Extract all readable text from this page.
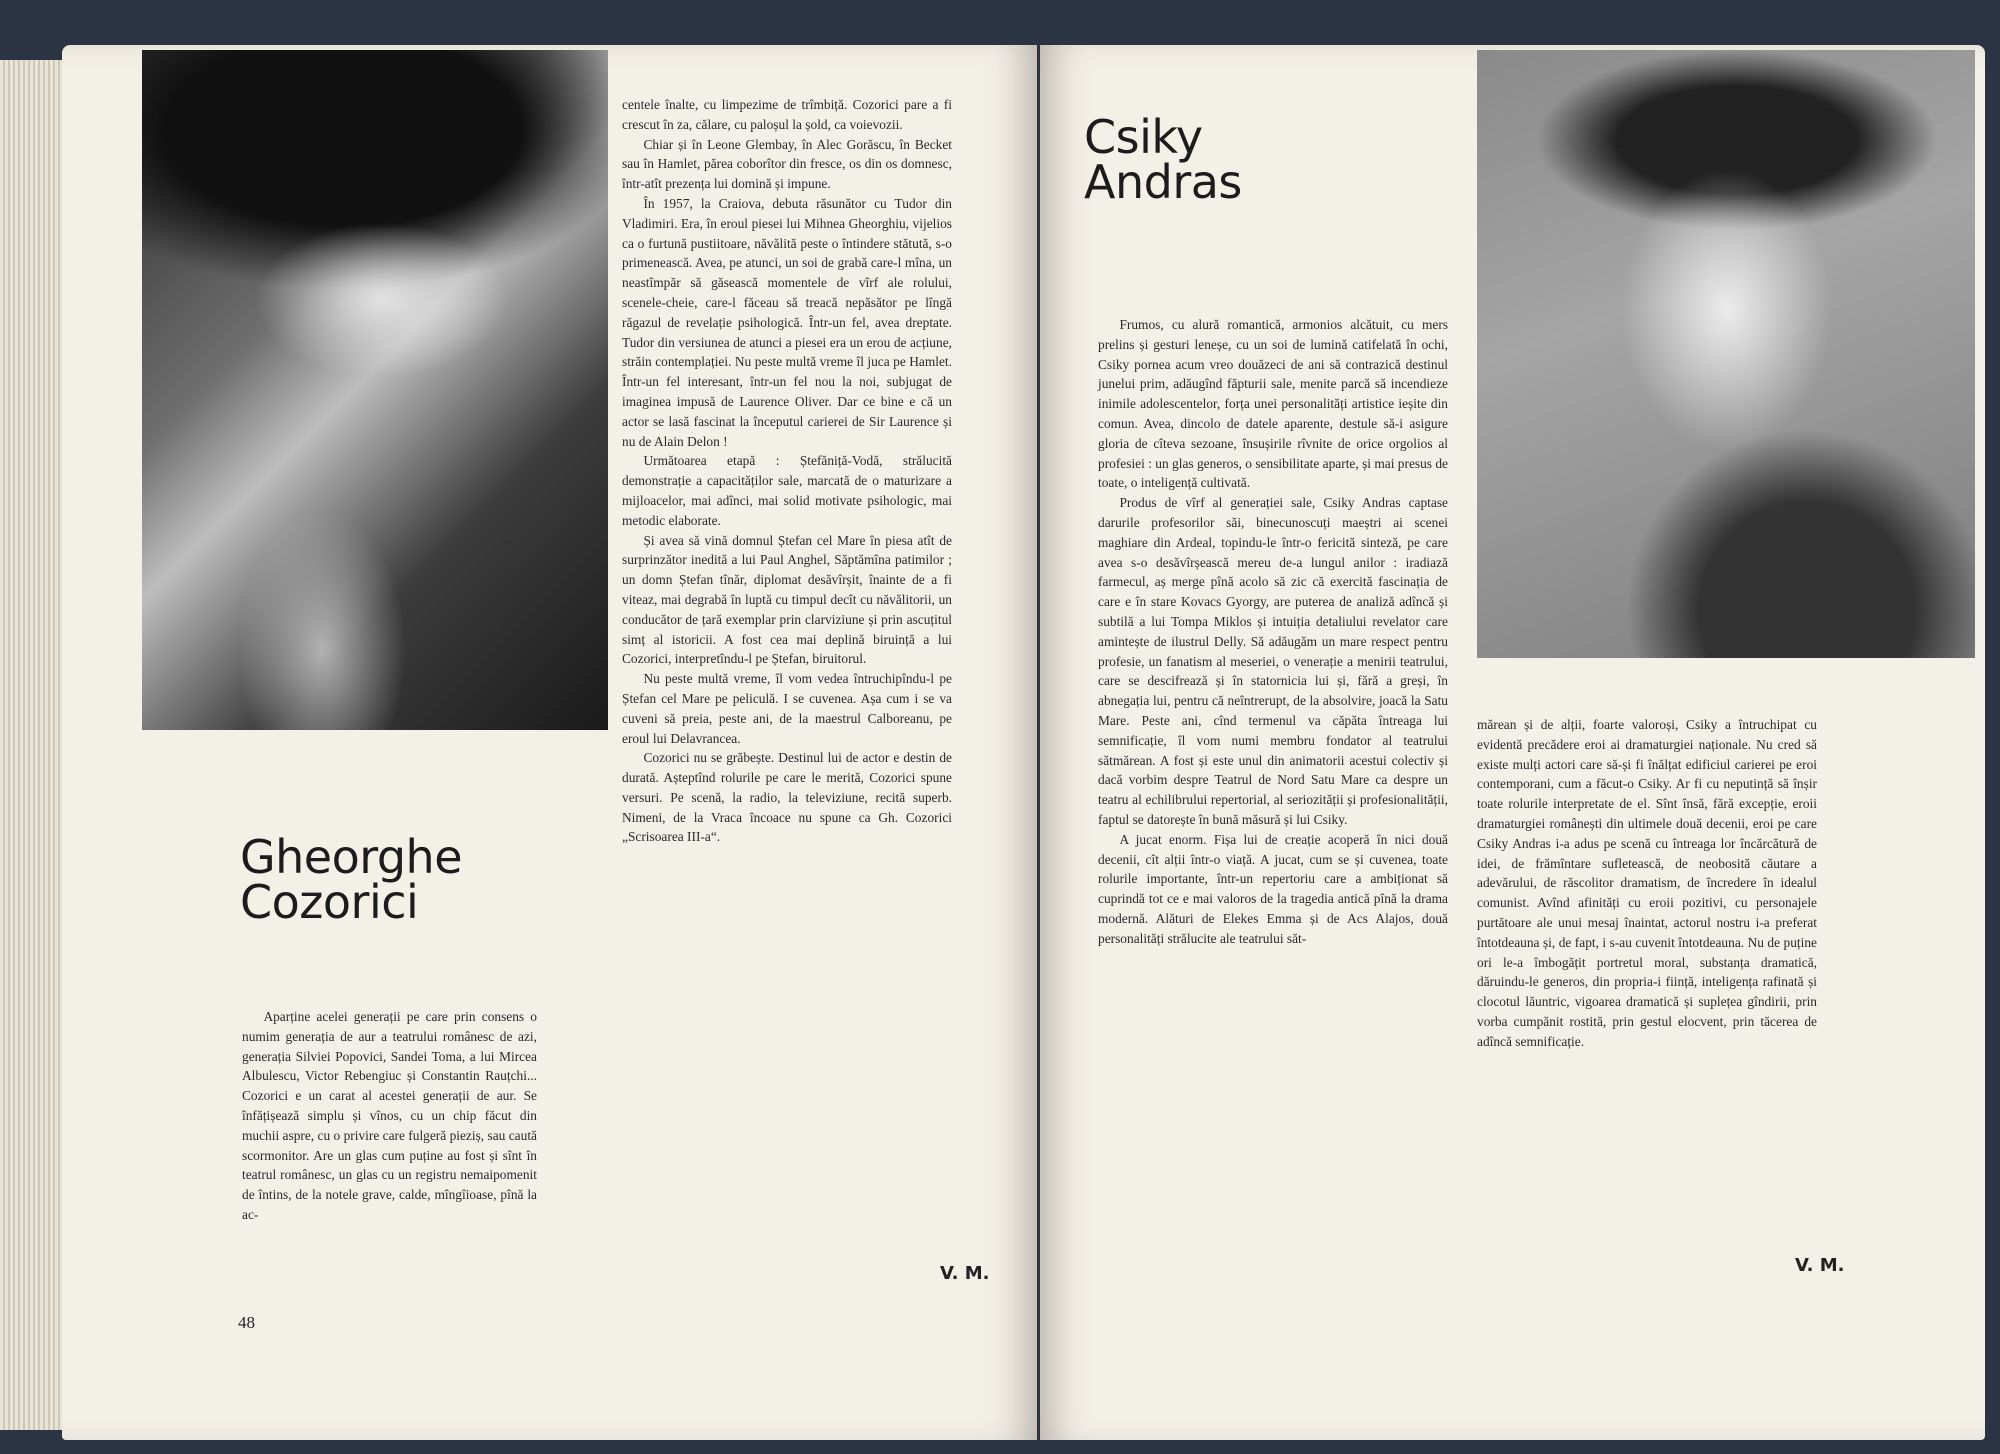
Gheorghe
Cozorici

Aparține acelei generații pe care prin consens o numim generația de aur a teatrului românesc de azi, generația Silviei Popovici, Sandei Toma, a lui Mircea Albulescu, Victor Rebengiuc și Constantin Rauțchi... Cozorici e un carat al acestei generații de aur. Se înfățișează simplu și vînos, cu un chip făcut din muchii aspre, cu o privire care fulgeră pieziș, sau caută scormonitor. Are un glas cum puține au fost și sînt în teatrul românesc, un glas cu un registru nemaipomenit de întins, de la notele grave, calde, mîngîioase, pînă la ac-

centele înalte, cu limpezime de trîmbiță. Cozorici pare a fi crescut în za, călare, cu paloșul la șold, ca voievozii.

Chiar și în Leone Glembay, în Alec Gorăscu, în Becket sau în Hamlet, părea coborîtor din fresce, os din os domnesc, într-atît prezența lui domină și impune.

În 1957, la Craiova, debuta răsunător cu Tudor din Vladimiri. Era, în eroul piesei lui Mihnea Gheorghiu, vijelios ca o furtună pustiitoare, năvălită peste o întindere stătută, s-o primenească. Avea, pe atunci, un soi de grabă care-l mîna, un neastîmpăr să găsească momentele de vîrf ale rolului, scenele-cheie, care-l făceau să treacă nepăsător pe lîngă răgazul de revelație psihologică. Într-un fel, avea dreptate. Tudor din versiunea de atunci a piesei era un erou de acțiune, străin contemplației. Nu peste multă vreme îl juca pe Hamlet. Într-un fel interesant, într-un fel nou la noi, subjugat de imaginea impusă de Laurence Oliver. Dar ce bine e că un actor se lasă fascinat la începutul carierei de Sir Laurence și nu de Alain Delon !

Următoarea etapă : Ștefăniță-Vodă, strălucită demonstrație a capacităților sale, marcată de o maturizare a mijloacelor, mai adînci, mai solid motivate psihologic, mai metodic elaborate.

Și avea să vină domnul Ștefan cel Mare în piesa atît de surprinzător inedită a lui Paul Anghel, Săptămîna patimilor ; un domn Ștefan tînăr, diplomat desăvîrșit, înainte de a fi viteaz, mai degrabă în luptă cu timpul decît cu năvălitorii, un conducător de țară exemplar prin clarviziune și prin ascuțitul simț al istoricii. A fost cea mai deplină biruință a lui Cozorici, interpretîndu-l pe Ștefan, biruitorul.

Nu peste multă vreme, îl vom vedea întruchipîndu-l pe Ștefan cel Mare pe peliculă. I se cuvenea. Așa cum i se va cuveni să preia, peste ani, de la maestrul Calboreanu, pe eroul lui Delavrancea.

Cozorici nu se grăbește. Destinul lui de actor e destin de durată. Așteptînd rolurile pe care le merită, Cozorici spune versuri. Pe scenă, la radio, la televiziune, recită superb. Nimeni, de la Vraca încoace nu spune ca Gh. Cozorici „Scrisoarea III-a“.

V. M.
48
Csiky
Andras

Frumos, cu alură romantică, armonios alcătuit, cu mers prelins și gesturi leneșe, cu un soi de lumină catifelată în ochi, Csiky pornea acum vreo douăzeci de ani să contrazică destinul junelui prim, adăugînd făpturii sale, menite parcă să incendieze inimile adolescentelor, forța unei personalități artistice ieșite din comun. Avea, dincolo de datele aparente, destule să-i asigure gloria de cîteva sezoane, însușirile rîvnite de orice orgolios al profesiei : un glas generos, o sensibilitate aparte, și mai presus de toate, o inteligență cultivată.

Produs de vîrf al generației sale, Csiky Andras captase darurile profesorilor săi, binecunoscuți maeștri ai scenei maghiare din Ardeal, topindu-le într-o fericită sinteză, pe care avea s-o desăvîrșească mereu de-a lungul anilor : iradiază farmecul, aș merge pînă acolo să zic că exercită fascinația de care e în stare Kovacs Gyorgy, are puterea de analiză adîncă și subtilă a lui Tompa Miklos și intuiția detaliului revelator care amintește de ilustrul Delly. Să adăugăm un mare respect pentru profesie, un fanatism al meseriei, o venerație a menirii teatrului, care se descifrează și în statornicia lui și, fără a greși, în abnegația lui, pentru că neîntrerupt, de la absolvire, joacă la Satu Mare. Peste ani, cînd termenul va căpăta întreaga lui semnificație, îl vom numi membru fondator al teatrului sătmărean. A fost și este unul din animatorii acestui colectiv și dacă vorbim despre Teatrul de Nord Satu Mare ca despre un teatru al echilibrului repertorial, al seriozității și profesionalității, faptul se datorește în bună măsură și lui Csiky.

A jucat enorm. Fișa lui de creație acoperă în nici două decenii, cît alții într-o viață. A jucat, cum se și cuvenea, toate rolurile importante, într-un repertoriu care a ambiționat să cuprindă tot ce e mai valoros de la tragedia antică pînă la drama modernă. Alături de Elekes Emma și de Acs Alajos, două personalități strălucite ale teatrului săt-

mărean și de alții, foarte valoroși, Csiky a întruchipat cu evidentă precădere eroi ai dramaturgiei naționale. Nu cred să existe mulți actori care să-și fi înălțat edificiul carierei pe eroi contemporani, cum a făcut-o Csiky. Ar fi cu neputință să înșir toate rolurile interpretate de el. Sînt însă, fără excepție, eroii dramaturgiei românești din ultimele două decenii, eroi pe care Csiky Andras i-a adus pe scenă cu întreaga lor încărcătură de idei, de frămîntare sufletească, de neobosită căutare a adevărului, de răscolitor dramatism, de încredere în idealul comunist. Avînd afinități cu eroii pozitivi, cu personajele purtătoare ale unui mesaj înaintat, actorul nostru i-a preferat întotdeauna și, de fapt, i s-au cuvenit întotdeauna. Nu de puține ori le-a îmbogățit portretul moral, substanța dramatică, dăruindu-le generos, din propria-i ființă, inteligența rafinată și clocotul lăuntric, vigoarea dramatică și suplețea gîndirii, prin vorba cumpănit rostită, prin gestul elocvent, prin tăcerea de adîncă semnificație.

V. M.
